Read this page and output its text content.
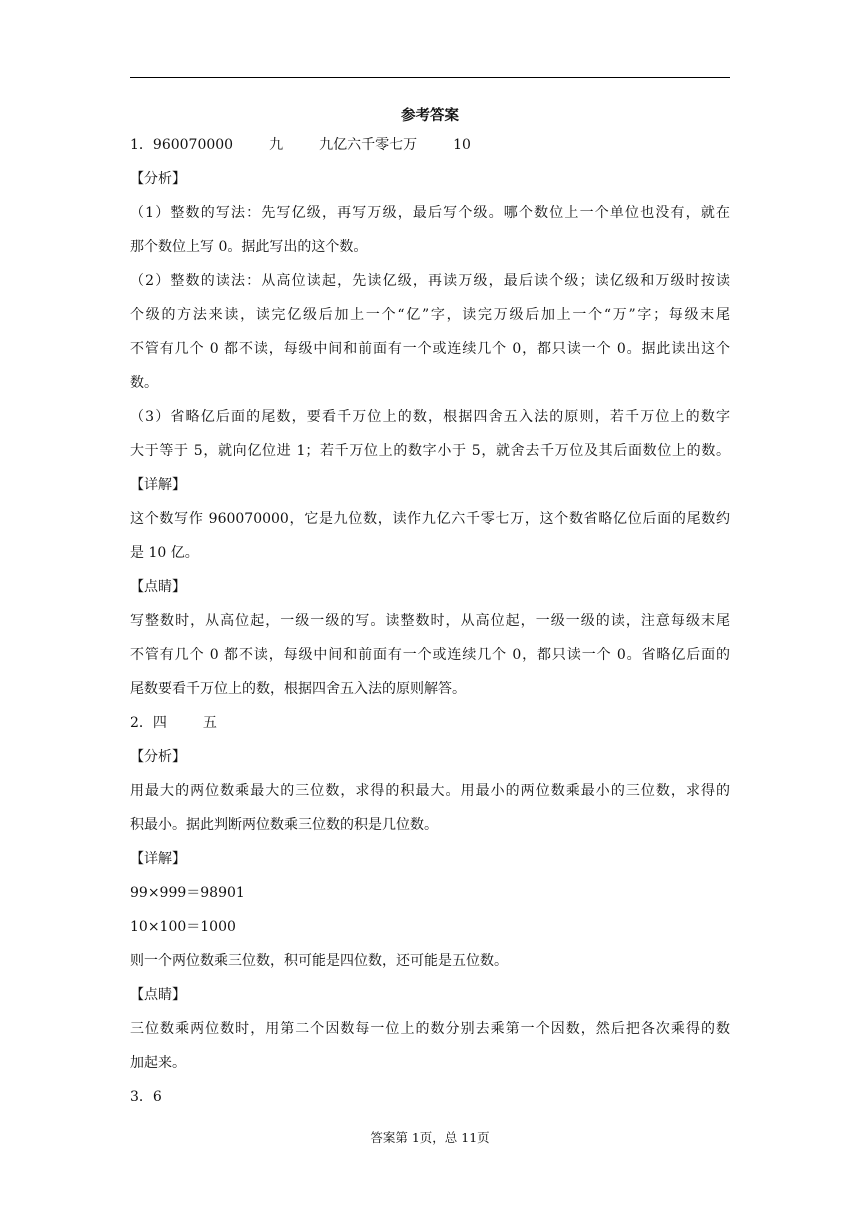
参考答案
1．960070000	九	九亿六千零七万	10
【分析】
（1）整数的写法：先写亿级，再写万级，最后写个级。哪个数位上一个单位也没有，就在
那个数位上写 0。据此写出的这个数。
（2）整数的读法：从高位读起，先读亿级，再读万级，最后读个级；读亿级和万级时按读
个级的方法来读，读完亿级后加上一个“亿”字，读完万级后加上一个“万”字；每级末尾
不管有几个 0 都不读，每级中间和前面有一个或连续几个 0，都只读一个 0。据此读出这个
数。
（3）省略亿后面的尾数，要看千万位上的数，根据四舍五入法的原则，若千万位上的数字
大于等于 5，就向亿位进 1；若千万位上的数字小于 5，就舍去千万位及其后面数位上的数。
【详解】
这个数写作 960070000，它是九位数，读作九亿六千零七万，这个数省略亿位后面的尾数约
是 10 亿。
【点睛】
写整数时，从高位起，一级一级的写。读整数时，从高位起，一级一级的读，注意每级末尾
不管有几个 0 都不读，每级中间和前面有一个或连续几个 0，都只读一个 0。省略亿后面的
尾数要看千万位上的数，根据四舍五入法的原则解答。
2．四	五
【分析】
用最大的两位数乘最大的三位数，求得的积最大。用最小的两位数乘最小的三位数，求得的
积最小。据此判断两位数乘三位数的积是几位数。
【详解】
99×999＝98901
10×100＝1000
则一个两位数乘三位数，积可能是四位数，还可能是五位数。
【点睛】
三位数乘两位数时，用第二个因数每一位上的数分别去乘第一个因数，然后把各次乘得的数
加起来。
3．6
答案第 1页，总 11页
